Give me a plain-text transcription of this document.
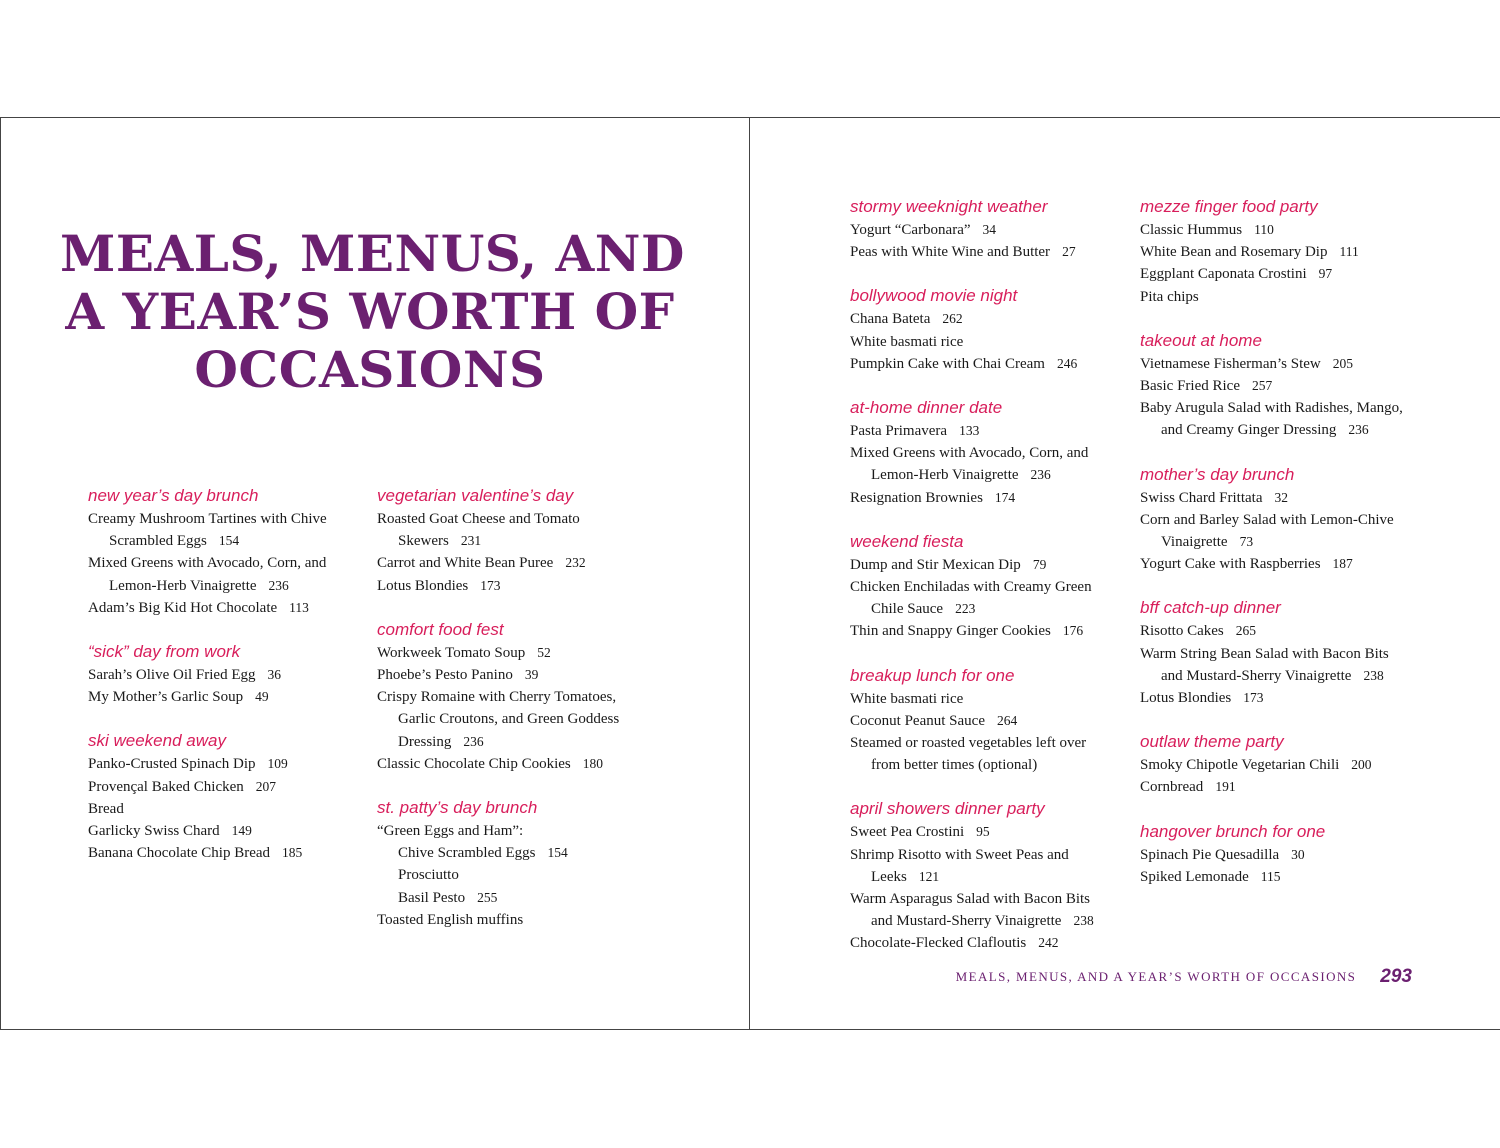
MEALS, MENUS, AND
A YEAR’S WORTH OF
OCCASIONS
new year’s day brunch
Creamy Mushroom Tartines with Chive
Scrambled Eggs 154
Mixed Greens with Avocado, Corn, and
Lemon-Herb Vinaigrette 236
Adam’s Big Kid Hot Chocolate 113
“sick” day from work
Sarah’s Olive Oil Fried Egg 36
My Mother’s Garlic Soup 49
ski weekend away
Panko-Crusted Spinach Dip 109
Provençal Baked Chicken 207
Bread
Garlicky Swiss Chard 149
Banana Chocolate Chip Bread 185
vegetarian valentine’s day
Roasted Goat Cheese and Tomato
Skewers 231
Carrot and White Bean Puree 232
Lotus Blondies 173
comfort food fest
Workweek Tomato Soup 52
Phoebe’s Pesto Panino 39
Crispy Romaine with Cherry Tomatoes,
Garlic Croutons, and Green Goddess
Dressing 236
Classic Chocolate Chip Cookies 180
st. patty’s day brunch
“Green Eggs and Ham”:
Chive Scrambled Eggs 154
Prosciutto
Basil Pesto 255
Toasted English muffins
stormy weeknight weather
Yogurt “Carbonara” 34
Peas with White Wine and Butter 27
bollywood movie night
Chana Bateta 262
White basmati rice
Pumpkin Cake with Chai Cream 246
at-home dinner date
Pasta Primavera 133
Mixed Greens with Avocado, Corn, and
Lemon-Herb Vinaigrette 236
Resignation Brownies 174
weekend fiesta
Dump and Stir Mexican Dip 79
Chicken Enchiladas with Creamy Green
Chile Sauce 223
Thin and Snappy Ginger Cookies 176
breakup lunch for one
White basmati rice
Coconut Peanut Sauce 264
Steamed or roasted vegetables left over
from better times (optional)
april showers dinner party
Sweet Pea Crostini 95
Shrimp Risotto with Sweet Peas and
Leeks 121
Warm Asparagus Salad with Bacon Bits
and Mustard-Sherry Vinaigrette 238
Chocolate-Flecked Clafloutis 242
mezze finger food party
Classic Hummus 110
White Bean and Rosemary Dip 111
Eggplant Caponata Crostini 97
Pita chips
takeout at home
Vietnamese Fisherman’s Stew 205
Basic Fried Rice 257
Baby Arugula Salad with Radishes, Mango,
and Creamy Ginger Dressing 236
mother’s day brunch
Swiss Chard Frittata 32
Corn and Barley Salad with Lemon-Chive
Vinaigrette 73
Yogurt Cake with Raspberries 187
bff catch-up dinner
Risotto Cakes 265
Warm String Bean Salad with Bacon Bits
and Mustard-Sherry Vinaigrette 238
Lotus Blondies 173
outlaw theme party
Smoky Chipotle Vegetarian Chili 200
Cornbread 191
hangover brunch for one
Spinach Pie Quesadilla 30
Spiked Lemonade 115
MEALS, MENUS, AND A YEAR’S WORTH OF OCCASIONS 293
